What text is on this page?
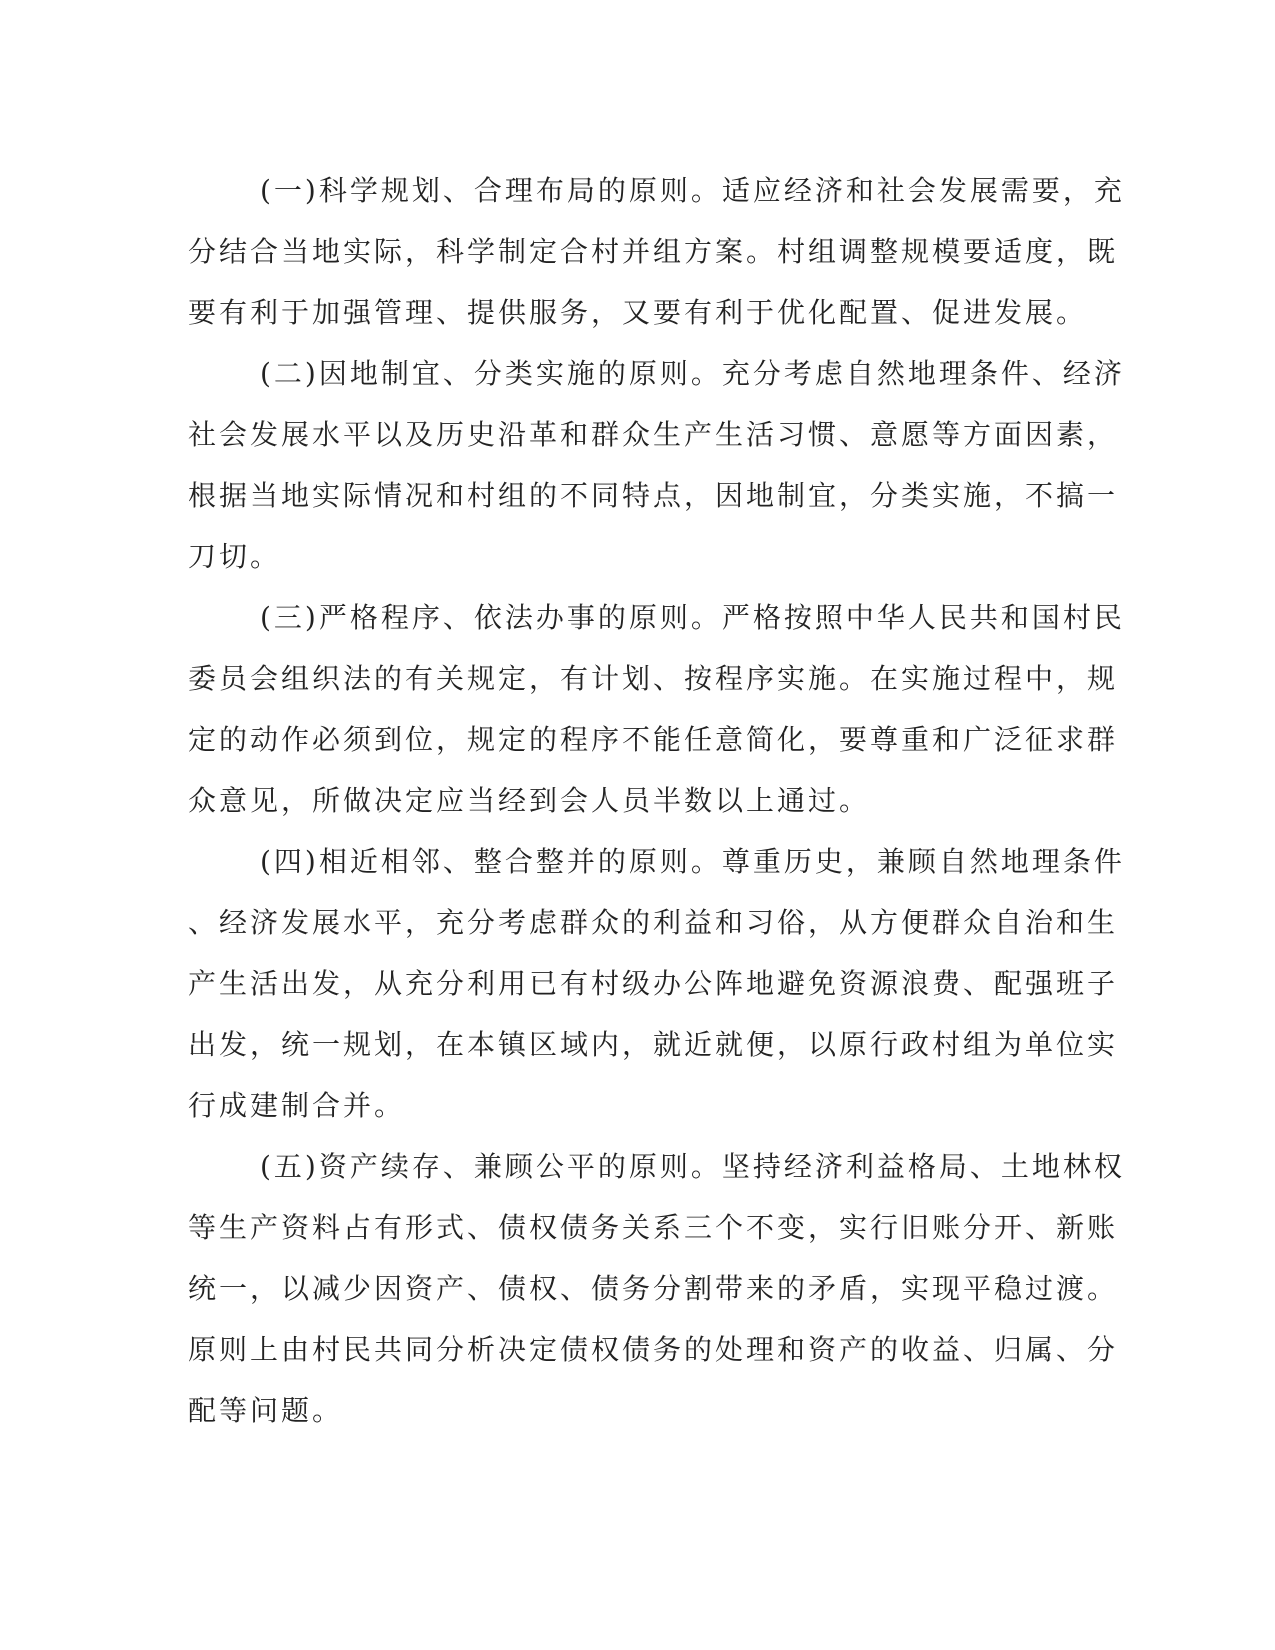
(一)科学规划、合理布局的原则。适应经济和社会发展需要，充
分结合当地实际，科学制定合村并组方案。村组调整规模要适度，既
要有利于加强管理、提供服务，又要有利于优化配置、促进发展。

(二)因地制宜、分类实施的原则。充分考虑自然地理条件、经济
社会发展水平以及历史沿革和群众生产生活习惯、意愿等方面因素，
根据当地实际情况和村组的不同特点，因地制宜，分类实施，不搞一
刀切。

(三)严格程序、依法办事的原则。严格按照中华人民共和国村民
委员会组织法的有关规定，有计划、按程序实施。在实施过程中，规
定的动作必须到位，规定的程序不能任意简化，要尊重和广泛征求群
众意见，所做决定应当经到会人员半数以上通过。

(四)相近相邻、整合整并的原则。尊重历史，兼顾自然地理条件
、经济发展水平，充分考虑群众的利益和习俗，从方便群众自治和生
产生活出发，从充分利用已有村级办公阵地避免资源浪费、配强班子
出发，统一规划，在本镇区域内，就近就便，以原行政村组为单位实
行成建制合并。

(五)资产续存、兼顾公平的原则。坚持经济利益格局、土地林权
等生产资料占有形式、债权债务关系三个不变，实行旧账分开、新账
统一，以减少因资产、债权、债务分割带来的矛盾，实现平稳过渡。
原则上由村民共同分析决定债权债务的处理和资产的收益、归属、分
配等问题。
